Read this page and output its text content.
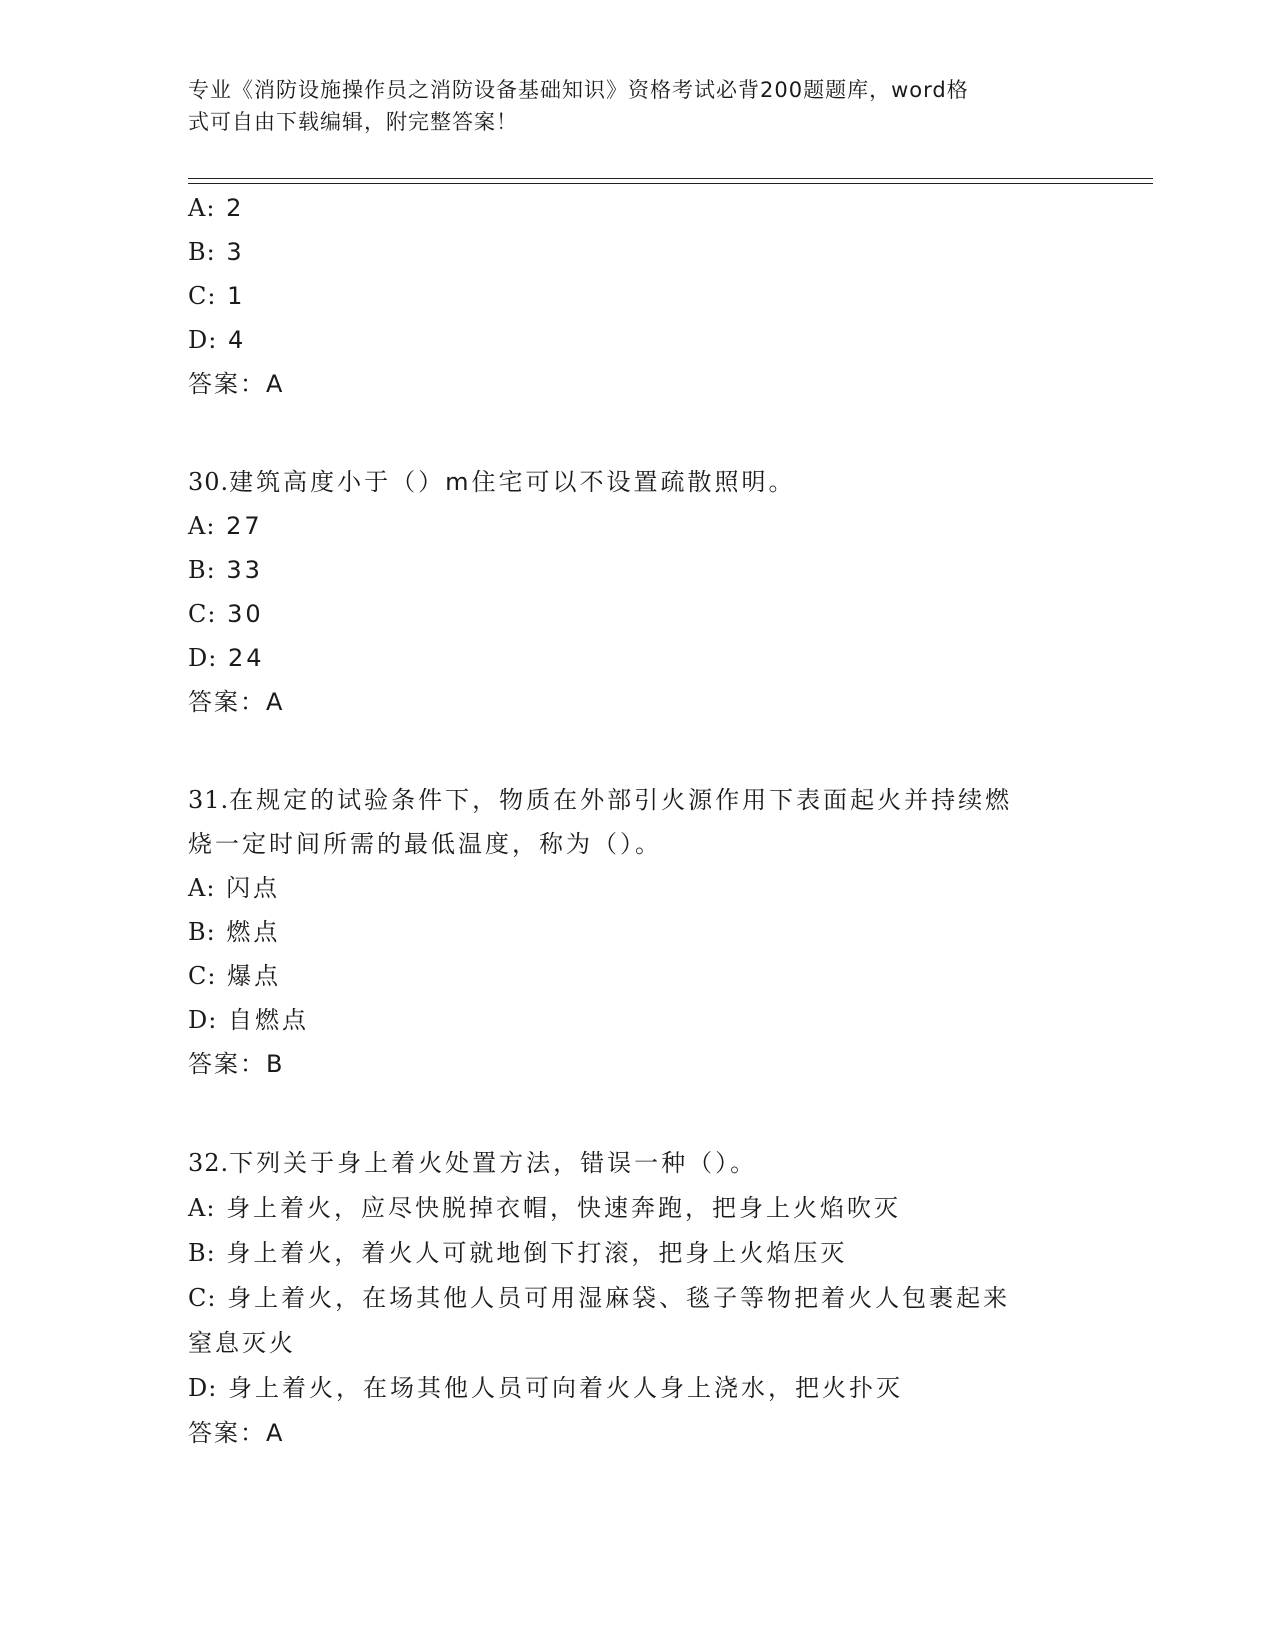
专业《消防设施操作员之消防设备基础知识》资格考试必背200题题库，word格
式可自由下载编辑，附完整答案！
A: 2
B: 3
C: 1
D: 4
答案：A
30.建筑高度小于（）m住宅可以不设置疏散照明。
A: 27
B: 33
C: 30
D: 24
答案：A
31.在规定的试验条件下，物质在外部引火源作用下表面起火并持续燃
烧一定时间所需的最低温度，称为（）。
A: 闪点
B: 燃点
C: 爆点
D: 自燃点
答案：B
32.下列关于身上着火处置方法，错误一种（）。
A: 身上着火，应尽快脱掉衣帽，快速奔跑，把身上火焰吹灭
B: 身上着火，着火人可就地倒下打滚，把身上火焰压灭
C: 身上着火，在场其他人员可用湿麻袋、毯子等物把着火人包裹起来
窒息灭火
D: 身上着火，在场其他人员可向着火人身上浇水，把火扑灭
答案：A
